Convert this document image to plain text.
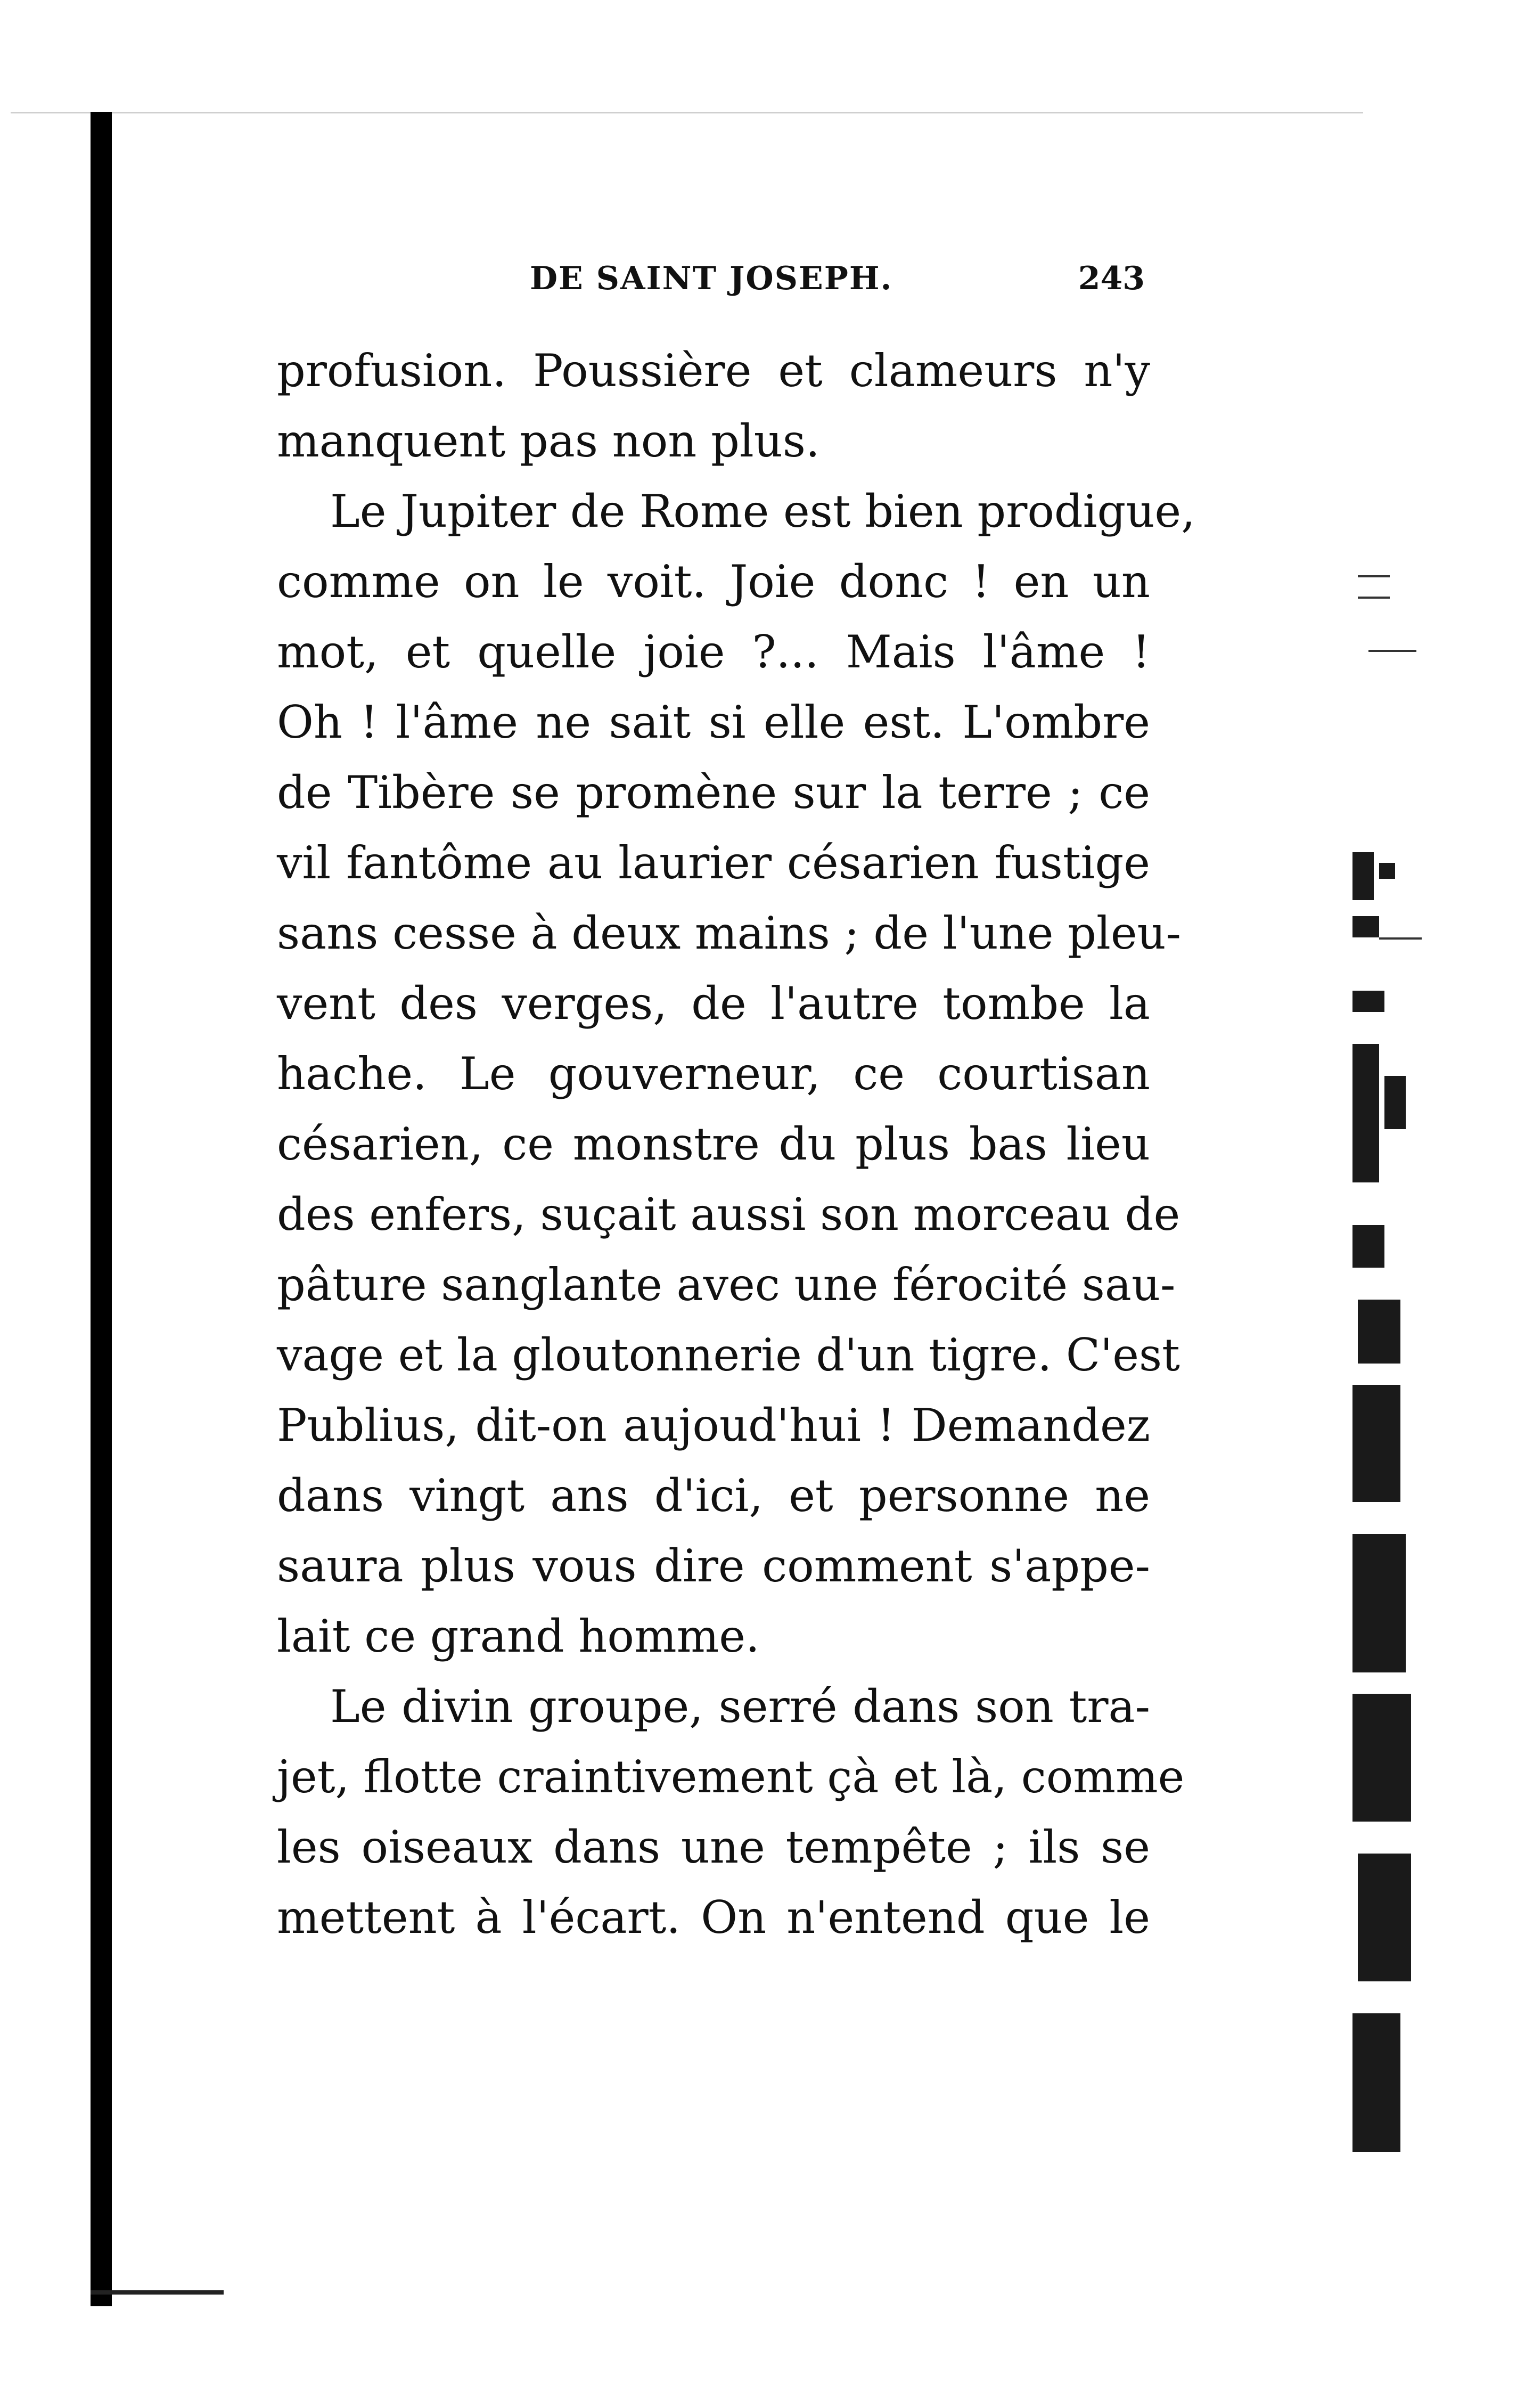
DE SAINT JOSEPH.	243
profusion. Poussière et clameurs n'y
manquent pas non plus.
Le Jupiter de Rome est bien prodigue,
comme on le voit. Joie donc ! en un
mot, et quelle joie ?... Mais l'âme !
Oh ! l'âme ne sait si elle est. L'ombre
de Tibère se promène sur la terre ; ce
vil fantôme au laurier césarien fustige
sans cesse à deux mains ; de l'une pleu-
vent des verges, de l'autre tombe la
hache. Le gouverneur, ce courtisan
césarien, ce monstre du plus bas lieu
des enfers, suçait aussi son morceau de
pâture sanglante avec une férocité sau-
vage et la gloutonnerie d'un tigre. C'est
Publius, dit-on aujoud'hui ! Demandez
dans vingt ans d'ici, et personne ne
saura plus vous dire comment s'appe-
lait ce grand homme.
Le divin groupe, serré dans son tra-
jet, flotte craintivement çà et là, comme
les oiseaux dans une tempête ; ils se
mettent à l'écart. On n'entend que le
